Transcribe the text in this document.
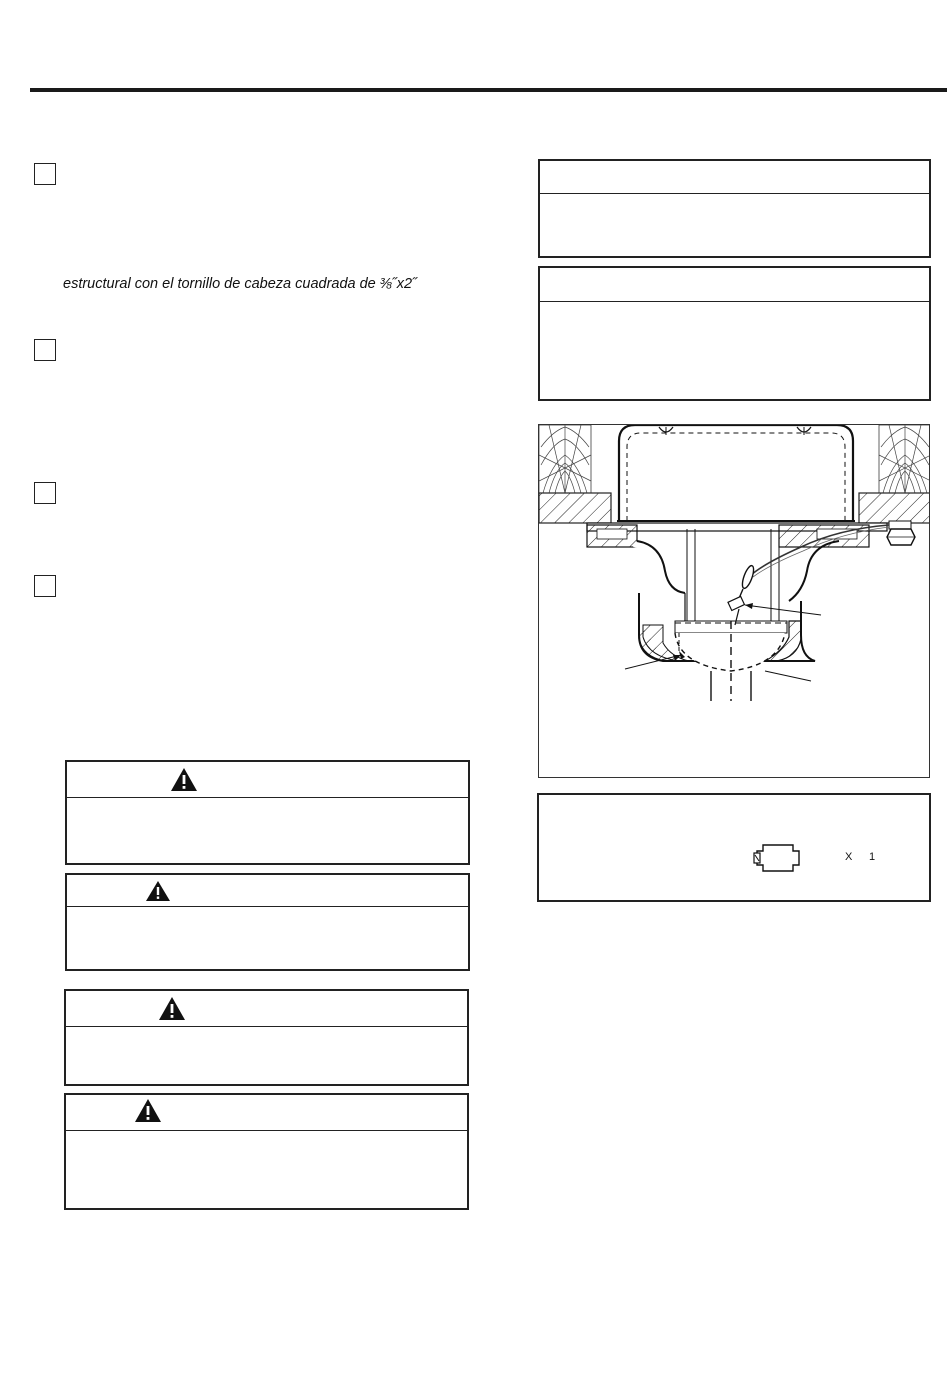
estructural con el tornillo de cabeza cuadrada de ⅜˝x2˝
X 1
